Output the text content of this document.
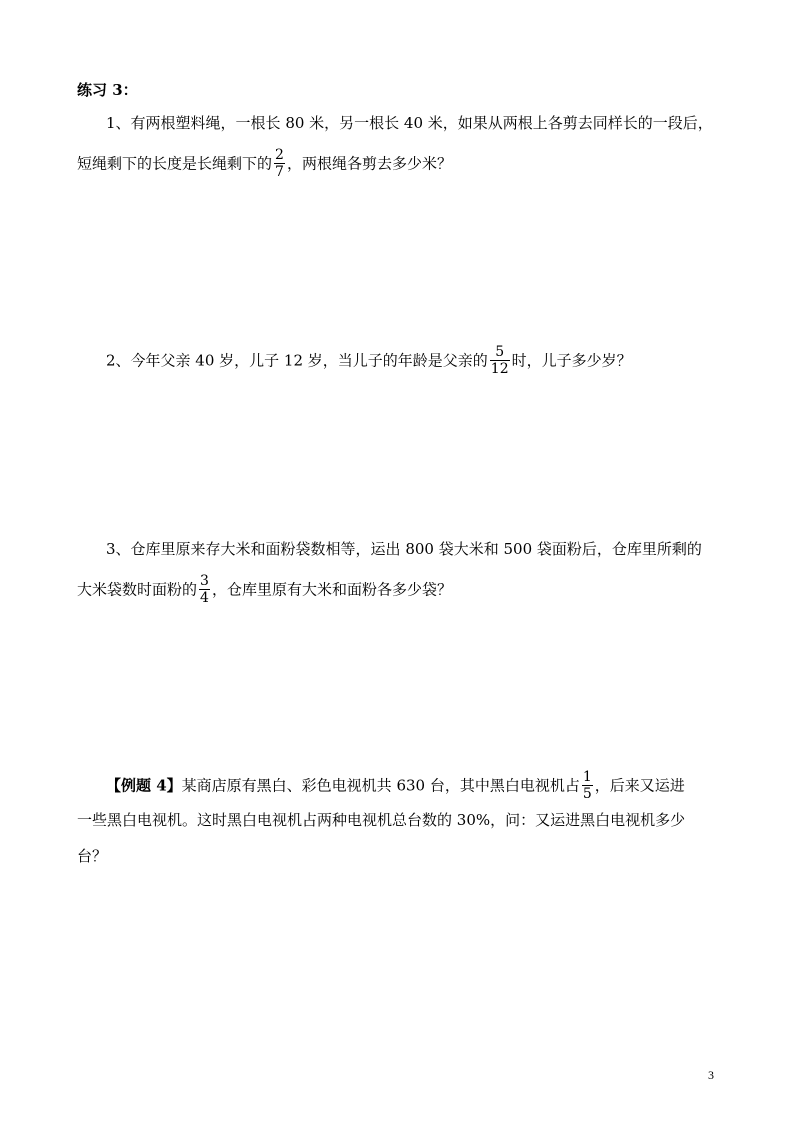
练习 3：
1、有两根塑料绳，一根长 80 米，另一根长 40 米，如果从两根上各剪去同样长的一段后，
短绳剩下的长度是长绳剩下的 $\frac{2}{7}$ ，两根绳各剪去多少米？
2、今年父亲 40 岁，儿子 12 岁，当儿子的年龄是父亲的 $\frac{5}{12}$ 时，儿子多少岁？
3、仓库里原来存大米和面粉袋数相等，运出 800 袋大米和 500 袋面粉后，仓库里所剩的
大米袋数时面粉的 $\frac{3}{4}$ ，仓库里原有大米和面粉各多少袋？
【例题 4】某商店原有黑白、彩色电视机共 630 台，其中黑白电视机占 $\frac{1}{5}$ ，后来又运进
一些黑白电视机。这时黑白电视机占两种电视机总台数的 30%，问：又运进黑白电视机多少
台？
3
